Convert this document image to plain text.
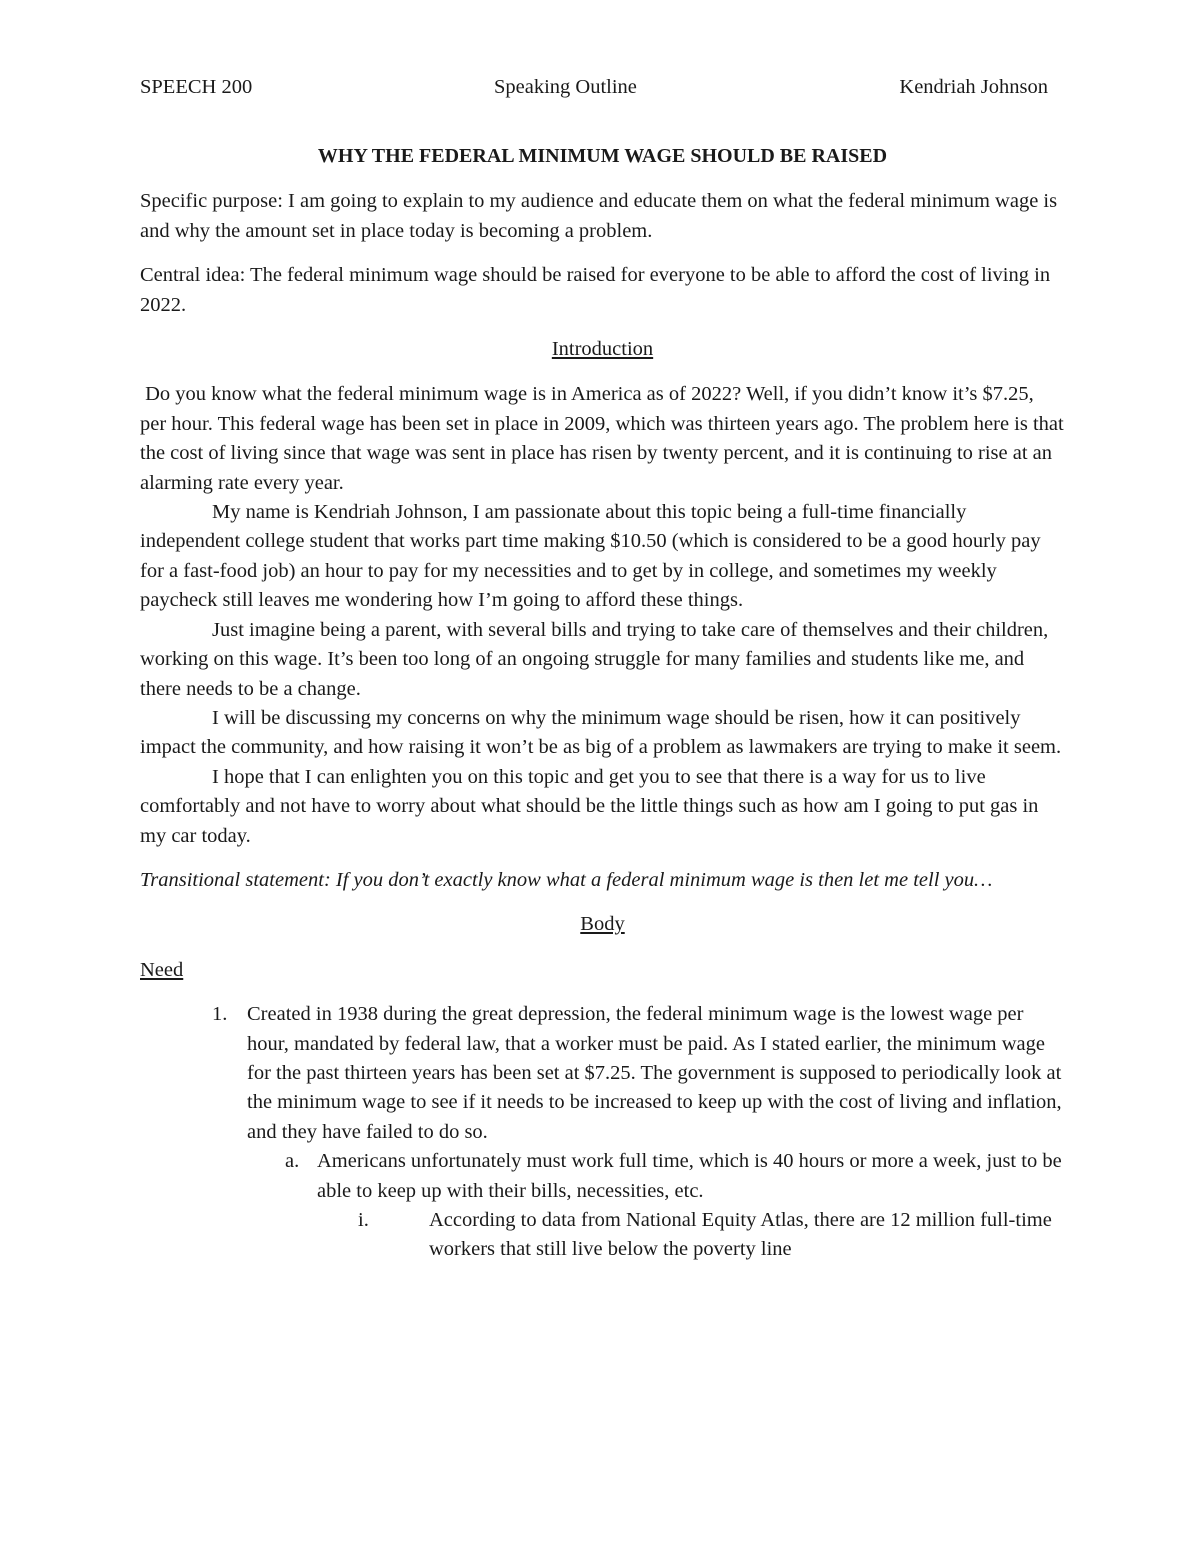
SPEECH 200	Speaking Outline	Kendriah Johnson

WHY THE FEDERAL MINIMUM WAGE SHOULD BE RAISED

Specific purpose: I am going to explain to my audience and educate them on what the federal minimum wage is and why the amount set in place today is becoming a problem.

Central idea: The federal minimum wage should be raised for everyone to be able to afford the cost of living in 2022.

Introduction

Do you know what the federal minimum wage is in America as of 2022? Well, if you didn’t know it’s $7.25, per hour. This federal wage has been set in place in 2009, which was thirteen years ago. The problem here is that the cost of living since that wage was sent in place has risen by twenty percent, and it is continuing to rise at an alarming rate every year.

My name is Kendriah Johnson, I am passionate about this topic being a full-time financially independent college student that works part time making $10.50 (which is considered to be a good hourly pay for a fast-food job) an hour to pay for my necessities and to get by in college, and sometimes my weekly paycheck still leaves me wondering how I’m going to afford these things.

Just imagine being a parent, with several bills and trying to take care of themselves and their children, working on this wage. It’s been too long of an ongoing struggle for many families and students like me, and there needs to be a change.

I will be discussing my concerns on why the minimum wage should be risen, how it can positively impact the community, and how raising it won’t be as big of a problem as lawmakers are trying to make it seem.

I hope that I can enlighten you on this topic and get you to see that there is a way for us to live comfortably and not have to worry about what should be the little things such as how am I going to put gas in my car today.

Transitional statement: If you don’t exactly know what a federal minimum wage is then let me tell you…

Body

Need

1. Created in 1938 during the great depression, the federal minimum wage is the lowest wage per hour, mandated by federal law, that a worker must be paid. As I stated earlier, the minimum wage for the past thirteen years has been set at $7.25. The government is supposed to periodically look at the minimum wage to see if it needs to be increased to keep up with the cost of living and inflation, and they have failed to do so.
a. Americans unfortunately must work full time, which is 40 hours or more a week, just to be able to keep up with their bills, necessities, etc.
i.	According to data from National Equity Atlas, there are 12 million full-time workers that still live below the poverty line
